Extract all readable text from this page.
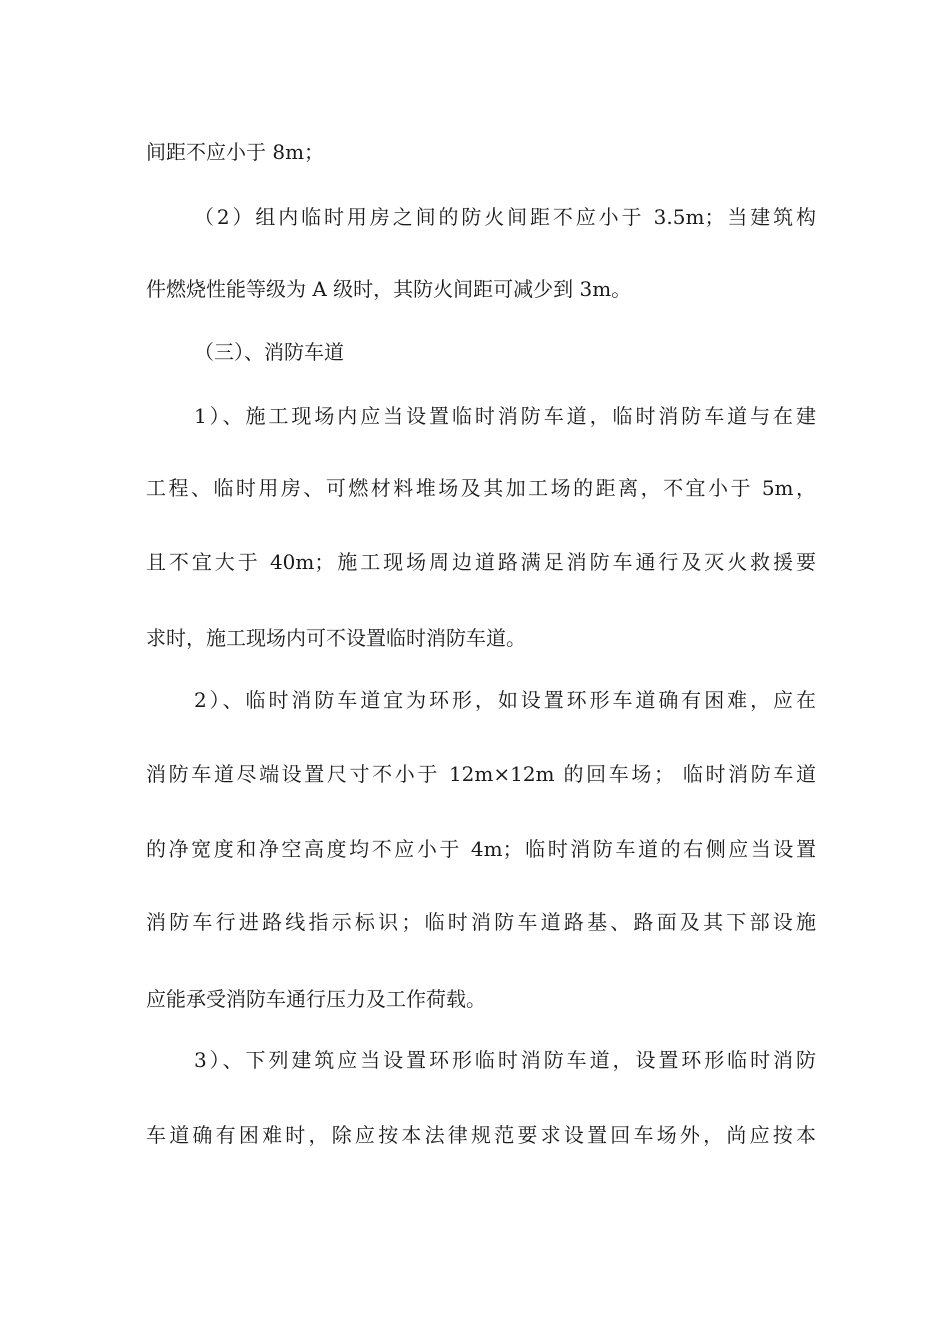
间距不应小于 8m；
（2）组内临时用房之间的防火间距不应小于 3.5m；当建筑构
件燃烧性能等级为 A 级时，其防火间距可减少到 3m。
（三）、消防车道
1）、施工现场内应当设置临时消防车道，临时消防车道与在建
工程、临时用房、可燃材料堆场及其加工场的距离，不宜小于 5m，
且不宜大于 40m；施工现场周边道路满足消防车通行及灭火救援要
求时，施工现场内可不设置临时消防车道。
2）、临时消防车道宜为环形，如设置环形车道确有困难，应在
消防车道尽端设置尺寸不小于 12m×12m 的回车场； 临时消防车道
的净宽度和净空高度均不应小于 4m；临时消防车道的右侧应当设置
消防车行进路线指示标识；临时消防车道路基、路面及其下部设施
应能承受消防车通行压力及工作荷载。
3）、下列建筑应当设置环形临时消防车道，设置环形临时消防
车道确有困难时，除应按本法律规范要求设置回车场外，尚应按本
